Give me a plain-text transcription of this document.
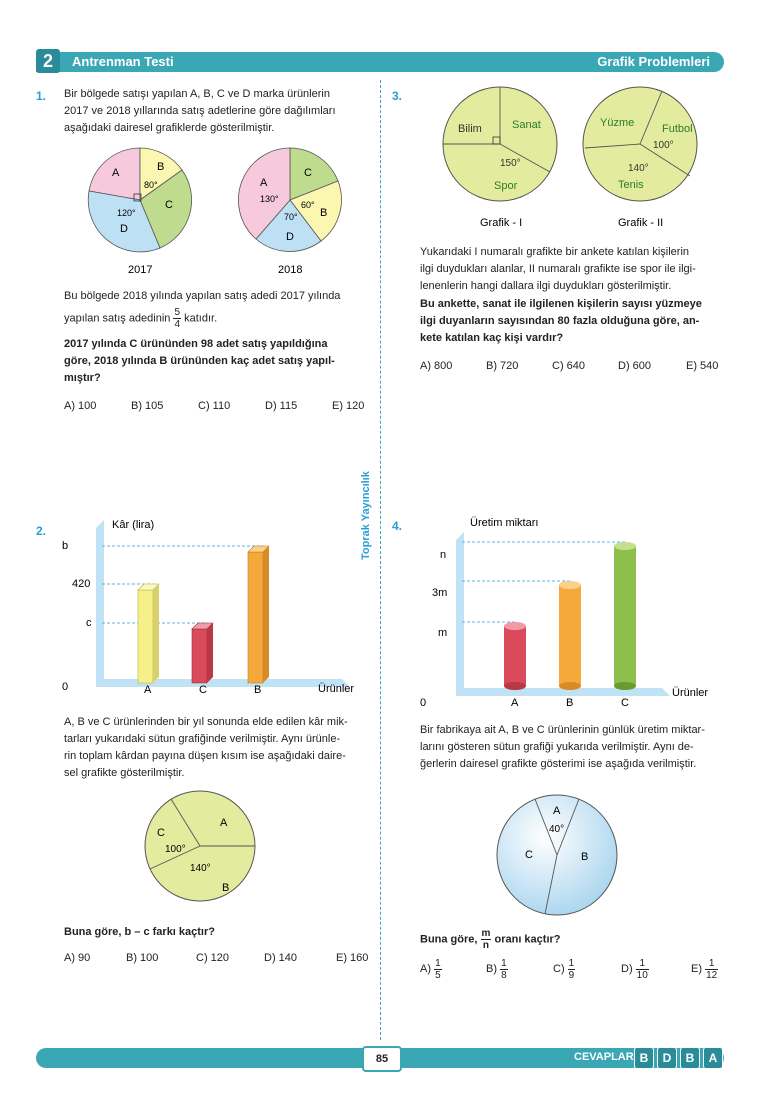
2	Antrenman Testi	Grafik Problemleri
Toprak Yayıncılık
1. Bir bölgede satışı yapılan A, B, C ve D marka ürünlerin
2017 ve 2018 yıllarında satış adetlerine göre dağılımları
aşağıdaki dairesel grafiklerde gösterilmiştir.
A	B
C
D
80°
120°
2017
A
C
B
D
130°
60°
70°
2018
Bu bölgede 2018 yılında yapılan satış adedi 2017 yılında
yapılan satış adedinin $\frac{5}{4}$ katıdır.
2017 yılında C ürününden 98 adet satış yapıldığına
göre, 2018 yılında B ürününden kaç adet satış yapıl-
mıştır?
A) 100	B) 105	C) 110	D) 115	E) 120
3.
Bilim	Sanat
Spor
150°
Grafik - I
Yüzme	Futbol
Tenis
100°
140°
Grafik - II
Yukarıdaki I numaralı grafikte bir ankete katılan kişilerin
ilgi duydukları alanlar, II numaralı grafikte ise spor ile ilgi-
lenenlerin hangi dallara ilgi duydukları gösterilmiştir.
Bu ankette, sanat ile ilgilenen kişilerin sayısı yüzmeye
ilgi duyanların sayısından 80 fazla olduğuna göre, an-
kete katılan kaç kişi vardır?
A) 800	B) 720	C) 640	D) 600	E) 540
2.	Kâr (lira)
Ürünler
b
420
c
0	A	C	B
A, B ve C ürünlerinden bir yıl sonunda elde edilen kâr mik-
tarları yukarıdaki sütun grafiğinde verilmiştir. Aynı ürünle-
rin toplam kârdan payına düşen kısım ise aşağıdaki daire-
sel grafikte gösterilmiştir.
A
C
B
100°
140°
Buna göre, b – c farkı kaçtır?
A) 90	B) 100	C) 120	D) 140	E) 160
4.	Üretim miktarı
Ürünler
n
3m
m
0	A	B	C
Bir fabrikaya ait A, B ve C ürünlerinin günlük üretim miktar-
larını gösteren sütun grafiği yukarıda verilmiştir. Aynı de-
ğerlerin dairesel grafikte gösterimi ise aşağıda verilmiştir.
A
40°
C	B
Buna göre, $\frac{m}{n}$ oranı kaçtır?
$A) \frac{1}{5}$	$B) \frac{1}{8}$	$C) \frac{1}{9}$	$D) \frac{1}{10}$	$E) \frac{1}{12}$
85	CEVAPLAR B	D	B	A
